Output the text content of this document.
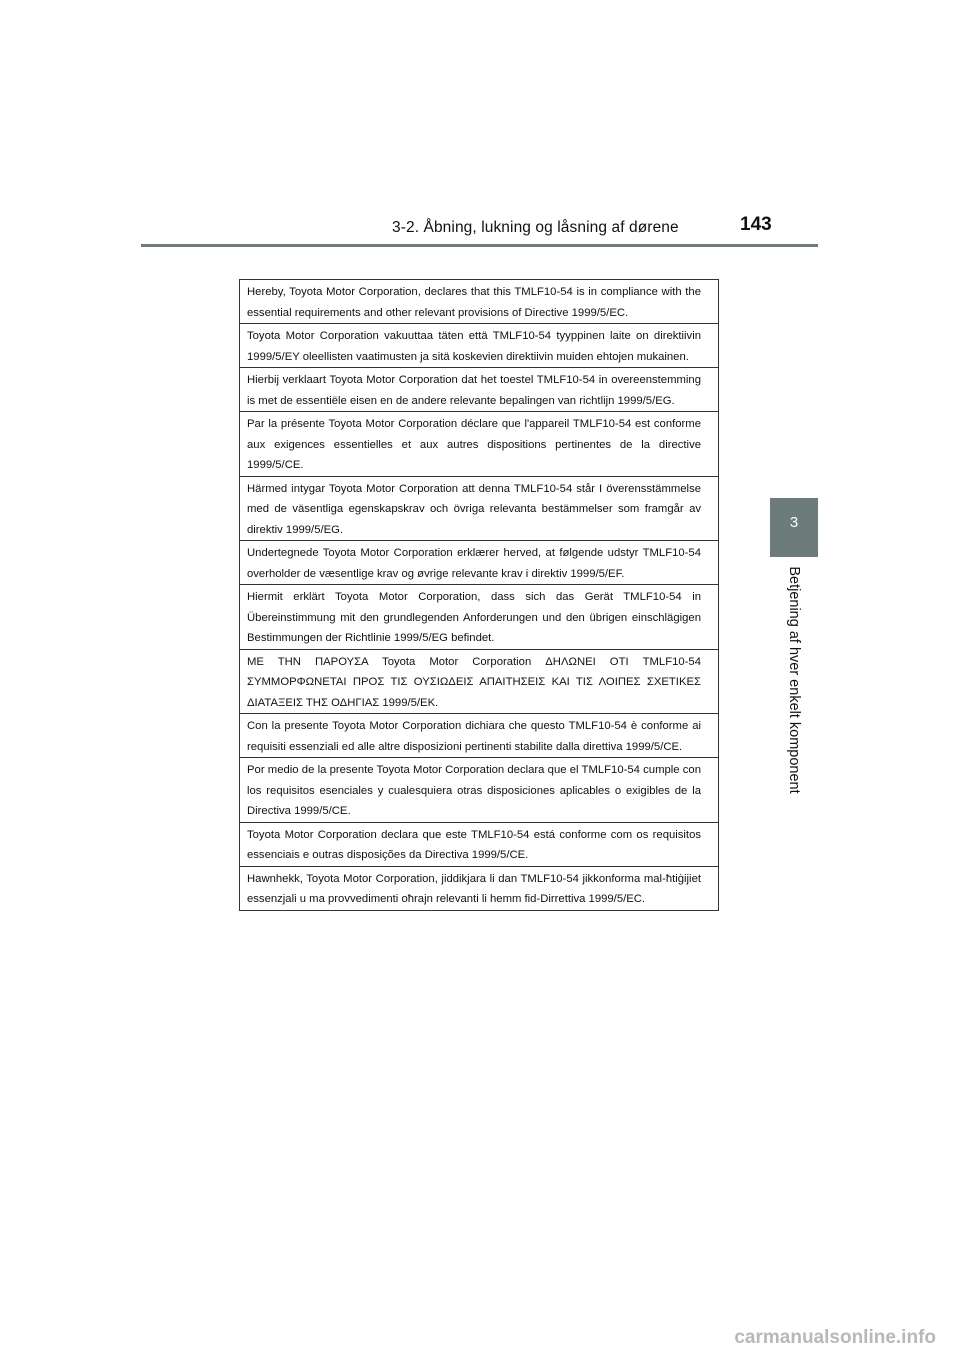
3-2. Åbning, lukning og låsning af dørene	143
3
Betjening af hver enkelt komponent
Hereby, Toyota Motor Corporation, declares that this TMLF10-54 is in compliance with the essential requirements and other relevant provisions of Directive 1999/5/EC.
Toyota Motor Corporation vakuuttaa täten että TMLF10-54 tyyppinen laite on direktiivin 1999/5/EY oleellisten vaatimusten ja sitä koskevien direktiivin muiden ehtojen mukainen.
Hierbij verklaart Toyota Motor Corporation dat het toestel TMLF10-54 in overeenstemming is met de essentiële eisen en de andere relevante bepalingen van richtlijn 1999/5/EG.
Par la présente Toyota Motor Corporation déclare que l'appareil TMLF10-54 est conforme aux exigences essentielles et aux autres dispositions pertinentes de la directive 1999/5/CE.
Härmed intygar Toyota Motor Corporation att denna TMLF10-54 står I överensstämmelse med de väsentliga egenskapskrav och övriga relevanta bestämmelser som framgår av direktiv 1999/5/EG.
Undertegnede Toyota Motor Corporation erklærer herved, at følgende udstyr TMLF10-54 overholder de væsentlige krav og øvrige relevante krav i direktiv 1999/5/EF.
Hiermit erklärt Toyota Motor Corporation, dass sich das Gerät TMLF10-54 in Übereinstimmung mit den grundlegenden Anforderungen und den übrigen einschlägigen Bestimmungen der Richtlinie 1999/5/EG befindet.
ΜΕ ΤΗΝ ΠΑΡΟΥΣΑ Toyota Motor Corporation ΔΗΛΩΝΕΙ ΟΤΙ TMLF10-54 ΣΥΜΜΟΡΦΩΝΕΤΑΙ ΠΡΟΣ ΤΙΣ ΟΥΣΙΩΔΕΙΣ ΑΠΑΙΤΗΣΕΙΣ ΚΑΙ ΤΙΣ ΛΟΙΠΕΣ ΣΧΕΤΙΚΕΣ ΔΙΑΤΑΞΕΙΣ ΤΗΣ ΟΔΗΓΙΑΣ 1999/5/ΕΚ.
Con la presente Toyota Motor Corporation dichiara che questo TMLF10-54 è conforme ai requisiti essenziali ed alle altre disposizioni pertinenti stabilite dalla direttiva 1999/5/CE.
Por medio de la presente Toyota Motor Corporation declara que el TMLF10-54 cumple con los requisitos esenciales y cualesquiera otras disposiciones aplicables o exigibles de la Directiva 1999/5/CE.
Toyota Motor Corporation declara que este TMLF10-54 está conforme com os requisitos essenciais e outras disposições da Directiva 1999/5/CE.
Hawnhekk, Toyota Motor Corporation, jiddikjara li dan TMLF10-54 jikkonforma mal-ħtiġijiet essenzjali u ma provvedimenti oħrajn relevanti li hemm fid-Dirrettiva 1999/5/EC.
carmanualsonline.info
